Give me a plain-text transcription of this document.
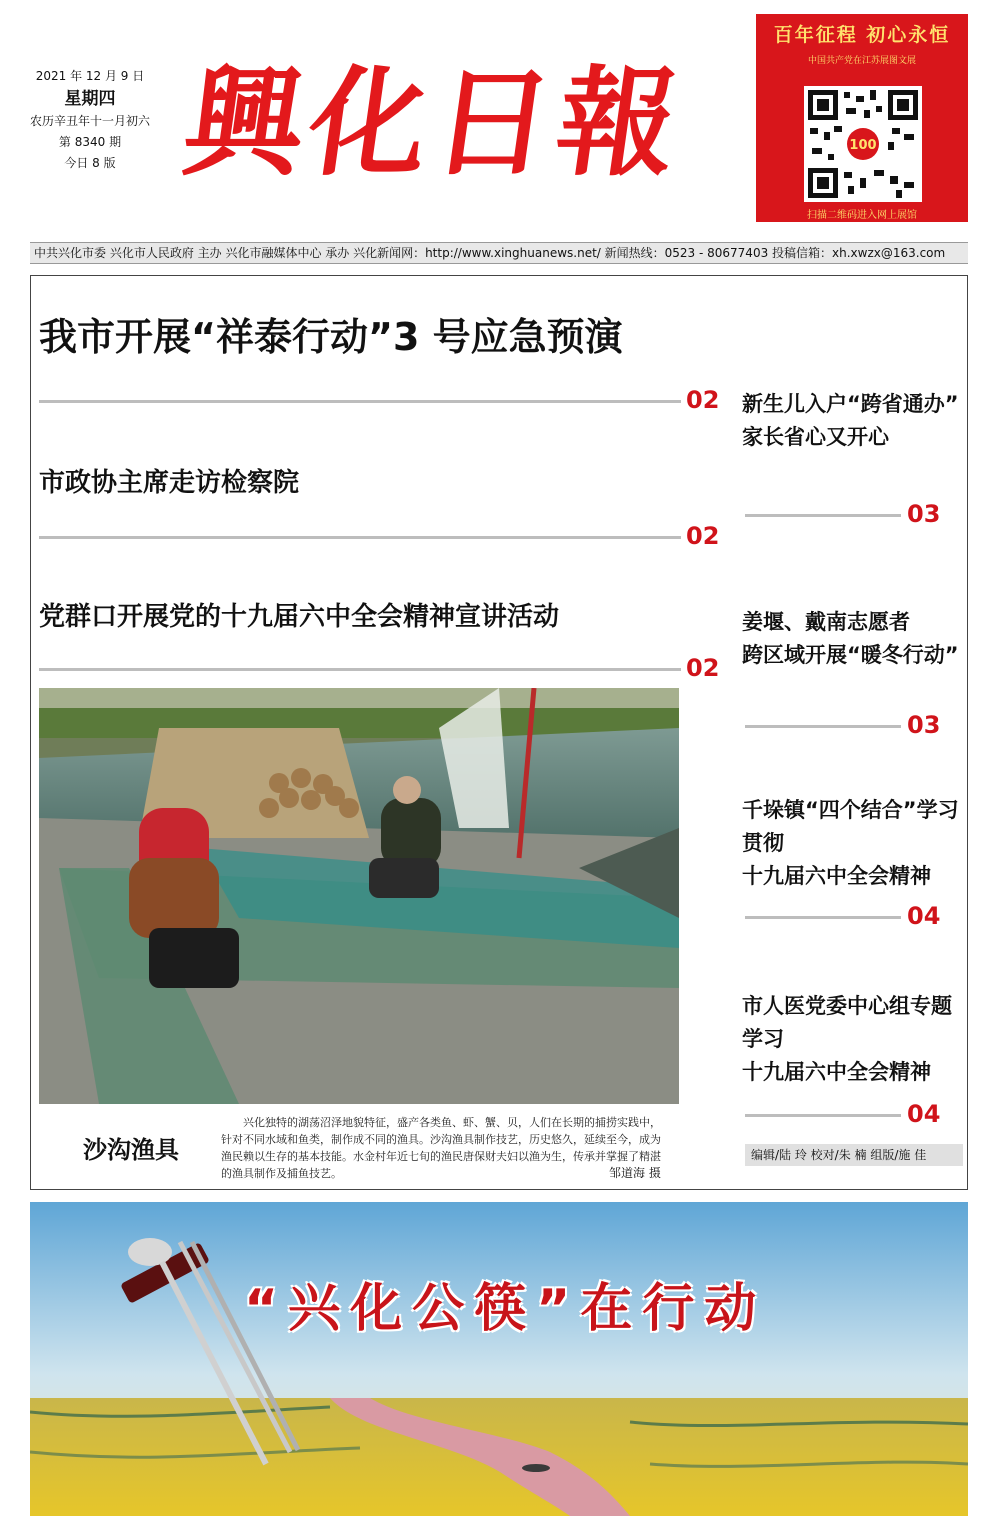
2021 年 12 月 9 日
星期四
农历辛丑年十一月初六
第 8340 期
今日 8 版 興化日報
百年征程 初心永恒
中国共产党在江苏展图文展
100
扫描二维码进入网上展馆
中共兴化市委 兴化市人民政府 主办 兴化市融媒体中心 承办 兴化新闻网：http://www.xinghuanews.net/ 新闻热线：0523 - 80677403 投稿信箱：xh.xwzx@163.com
我市开展“祥泰行动”3 号应急预演
02
市政协主席走访检察院
02
党群口开展党的十九届六中全会精神宣讲活动
02
新生儿入户“跨省通办”
家长省心又开心
03
姜堰、戴南志愿者
跨区域开展“暖冬行动”
03
千垛镇“四个结合”学习贯彻
十九届六中全会精神
04
市人医党委中心组专题学习
十九届六中全会精神
04
沙沟渔具
兴化独特的湖荡沼泽地貌特征，盛产各类鱼、虾、蟹、贝，人们在长期的捕捞实践中，针对不同水域和鱼类，制作成不同的渔具。沙沟渔具制作技艺，历史悠久，延续至今，成为渔民赖以生存的基本技能。水金村年近七旬的渔民唐保财夫妇以渔为生，传承并掌握了精湛的渔具制作及捕鱼技艺。	邹道海 摄
编辑/陆 玲 校对/朱 楠 组版/施 佳
“兴化公筷”在行动
